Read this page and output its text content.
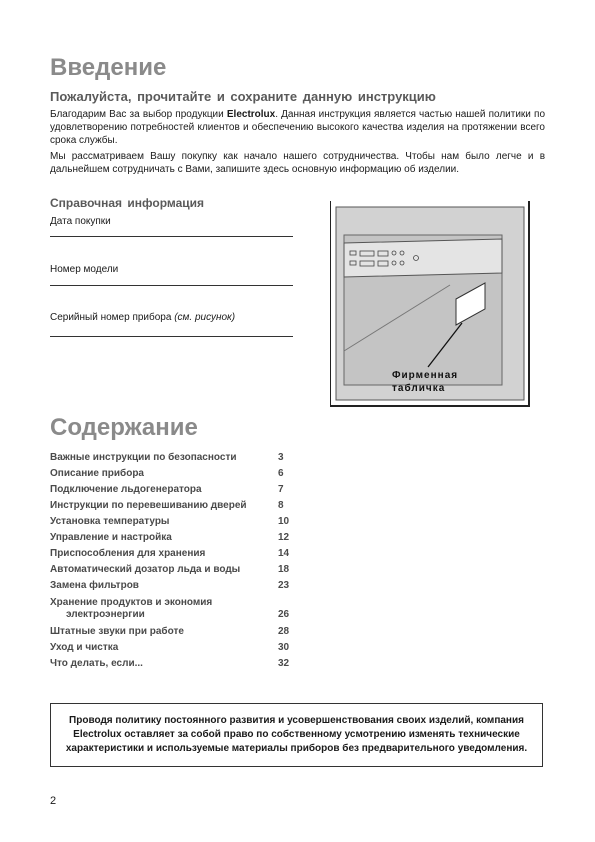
Введение
Пожалуйста, прочитайте и сохраните данную инструкцию
Благодарим Вас за выбор продукции Electrolux. Данная инструкция является частью нашей политики по удовлетворению потребностей клиентов и обеспечению высокого качества изделия на протяжении всего срока службы.
Мы рассматриваем Вашу покупку как начало нашего сотрудничества. Чтобы нам было легче и в дальнейшем сотрудничать с Вами, запишите здесь основную информацию об изделии.
Справочная информация
Дата покупки
Номер модели
Серийный номер прибора (см. рисунок)
Фирменная
табличка
Содержание
Важные инструкции по безопасности	3
Описание прибора	6
Подключение льдогенератора	7
Инструкции по перевешиванию дверей	8
Установка температуры	10
Управление и настройка	12
Приспособления для хранения	14
Автоматический дозатор льда и воды	18
Замена фильтров	23
Хранение продуктов и экономия
электроэнергии	26
Штатные звуки при работе	28
Уход и чистка	30
Что делать, если...	32
Проводя политику постоянного развития и усовершенствования своих изделий, компания Electrolux оставляет за собой право по собственному усмотрению изменять технические характеристики и используемые материалы приборов без предварительного уведомления.
2
